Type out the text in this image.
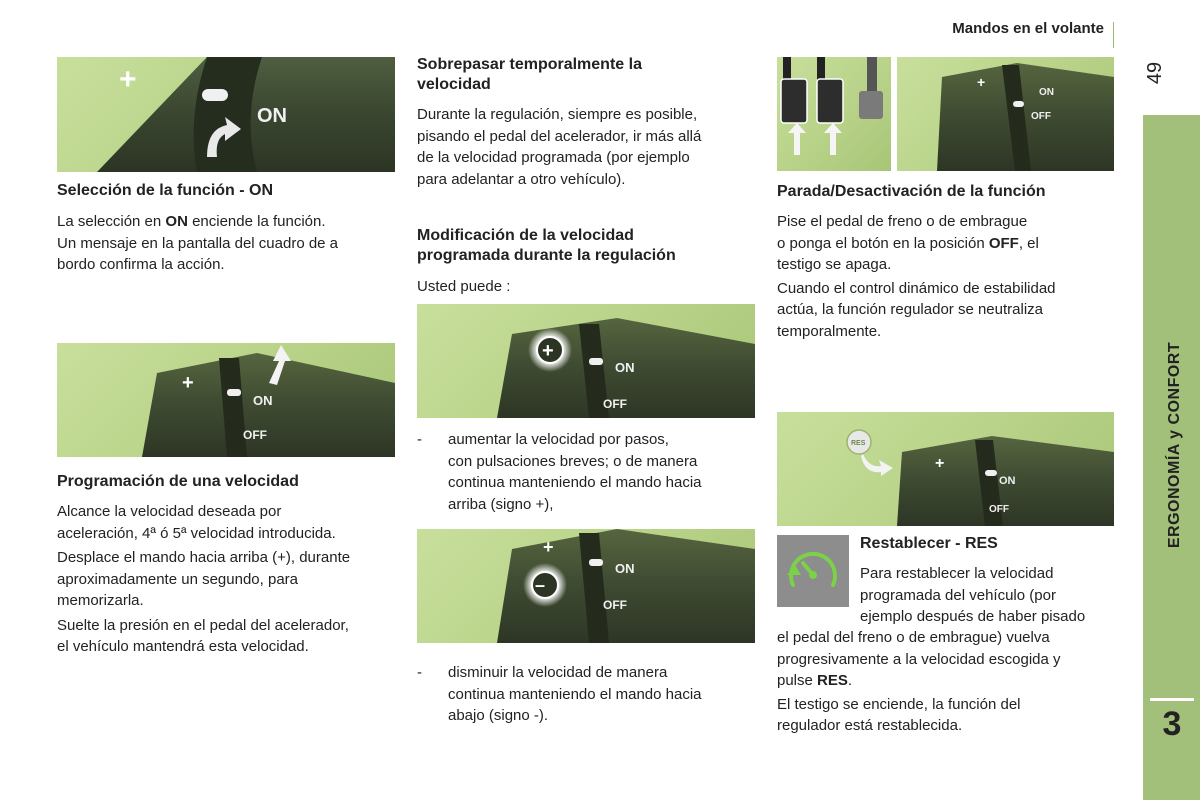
Mandos en el volante
49
ERGONOMÍA y CONFORT
3
+
ON
Selección de la función - ON
La selección en ON enciende la función.
Un mensaje en la pantalla del cuadro de a
bordo confirma la acción.
+
ON
OFF
Programación de una velocidad
Alcance la velocidad deseada por
aceleración, 4ª ó 5ª velocidad introducida.
Desplace el mando hacia arriba (+), durante
aproximadamente un segundo, para
memorizarla.
Suelte la presión en el pedal del acelerador,
el vehículo mantendrá esta velocidad.
Sobrepasar temporalmente la
velocidad
Durante la regulación, siempre es posible,
pisando el pedal del acelerador, ir más allá
de la velocidad programada (por ejemplo
para adelantar a otro vehículo).
Modificación de la velocidad
programada durante la regulación
Usted puede :
+
ON
OFF
- aumentar la velocidad por pasos,
con pulsaciones breves; o de manera
continua manteniendo el mando hacia
arriba (signo +),
+
–
ON
OFF
- disminuir la velocidad de manera
continua manteniendo el mando hacia
abajo (signo -).
+
ON
OFF
Parada/Desactivación de la función
Pise el pedal de freno o de embrague
o ponga el botón en la posición OFF, el
testigo se apaga.
Cuando el control dinámico de estabilidad
actúa, la función regulador se neutraliza
temporalmente.
+
ON
OFF
RES
Restablecer - RES
Para restablecer la velocidad
programada del vehículo (por
ejemplo después de haber pisado
el pedal del freno o de embrague) vuelva
progresivamente a la velocidad escogida y
pulse RES.
El testigo se enciende, la función del
regulador está restablecida.
